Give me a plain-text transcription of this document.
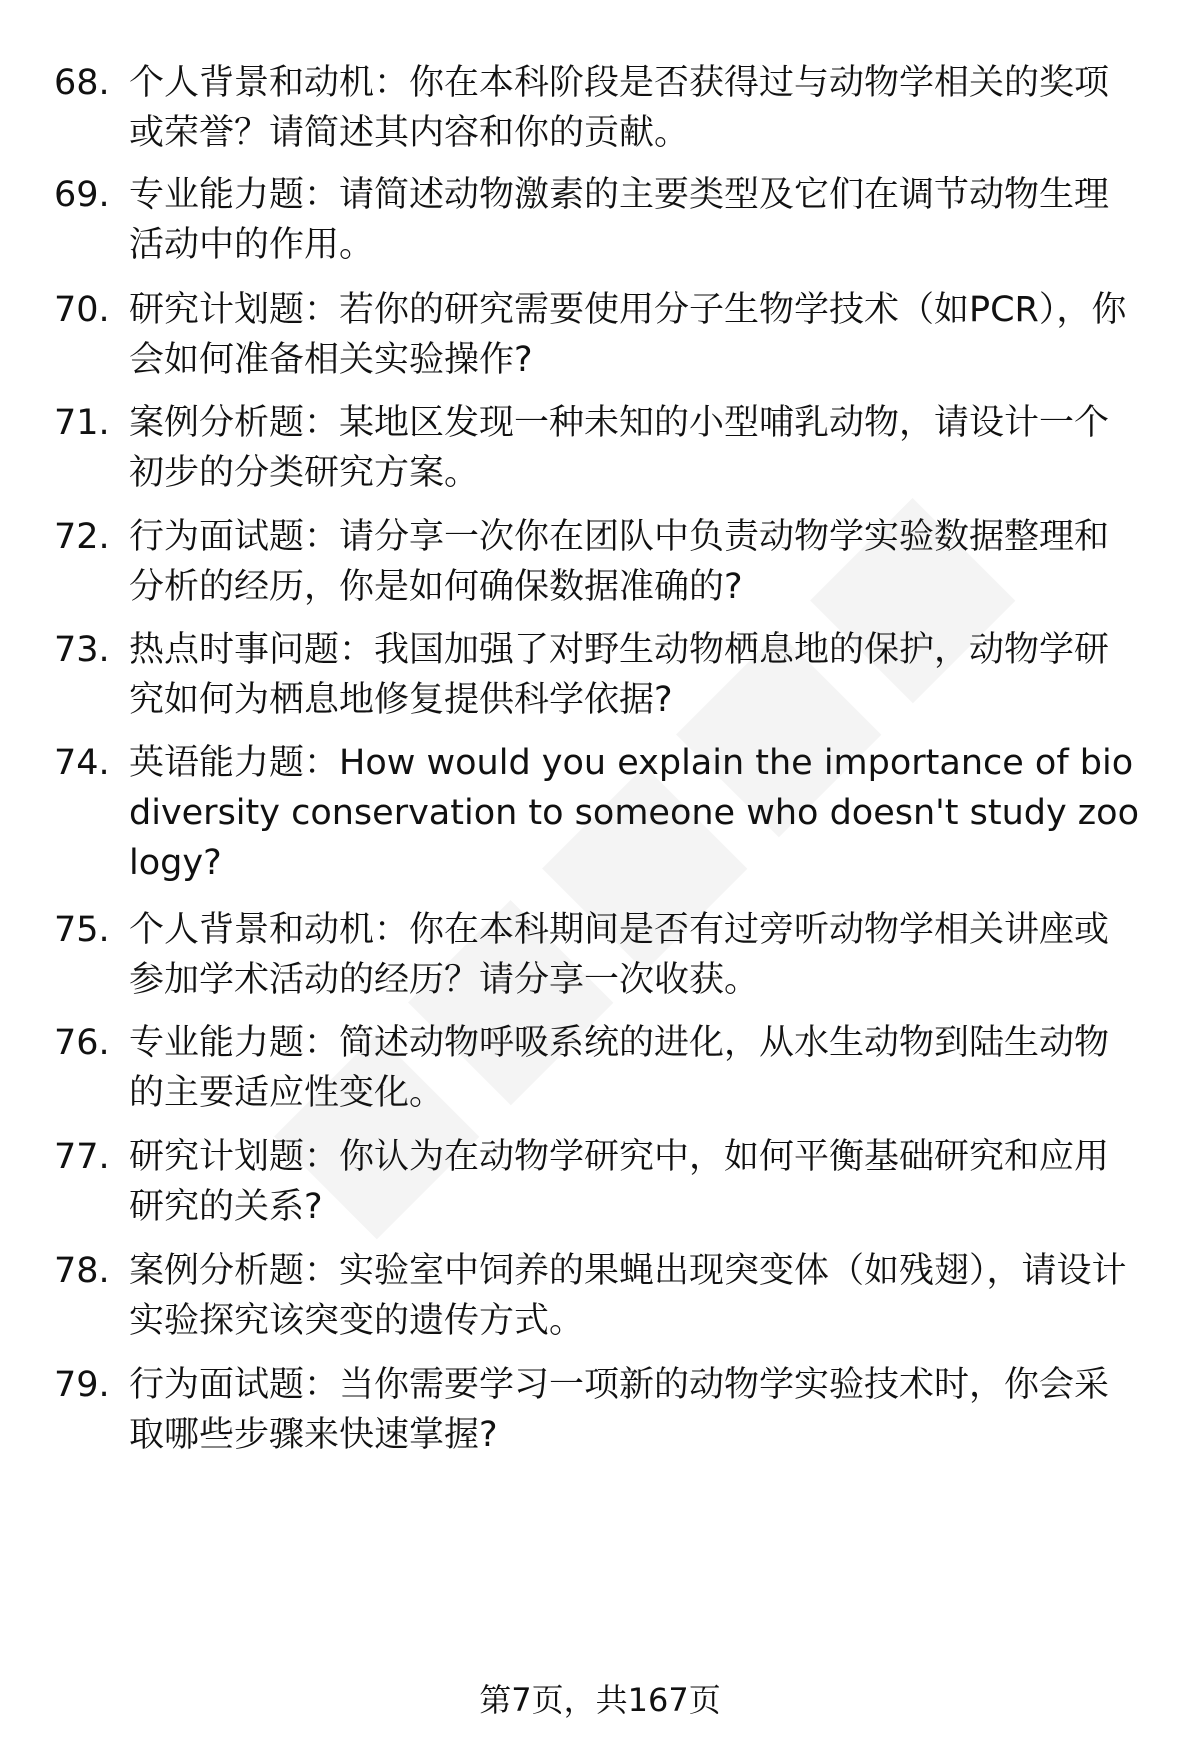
68. 个人背景和动机：你在本科阶段是否获得过与动物学相关的奖项或荣誉？请简述其内容和你的贡献。
69. 专业能力题：请简述动物激素的主要类型及它们在调节动物生理活动中的作用。
70. 研究计划题：若你的研究需要使用分子生物学技术（如PCR），你会如何准备相关实验操作?
71. 案例分析题：某地区发现一种未知的小型哺乳动物，请设计一个初步的分类研究方案。
72. 行为面试题：请分享一次你在团队中负责动物学实验数据整理和分析的经历，你是如何确保数据准确的?
73. 热点时事问题：我国加强了对野生动物栖息地的保护，动物学研究如何为栖息地修复提供科学依据?
74. 英语能力题：How would you explain the importance of biodiversity conservation to someone who doesn't study zoology?
75. 个人背景和动机：你在本科期间是否有过旁听动物学相关讲座或参加学术活动的经历？请分享一次收获。
76. 专业能力题：简述动物呼吸系统的进化，从水生动物到陆生动物的主要适应性变化。
77. 研究计划题：你认为在动物学研究中，如何平衡基础研究和应用研究的关系?
78. 案例分析题：实验室中饲养的果蝇出现突变体（如残翅），请设计实验探究该突变的遗传方式。
79. 行为面试题：当你需要学习一项新的动物学实验技术时，你会采取哪些步骤来快速掌握?
第7页，共167页
